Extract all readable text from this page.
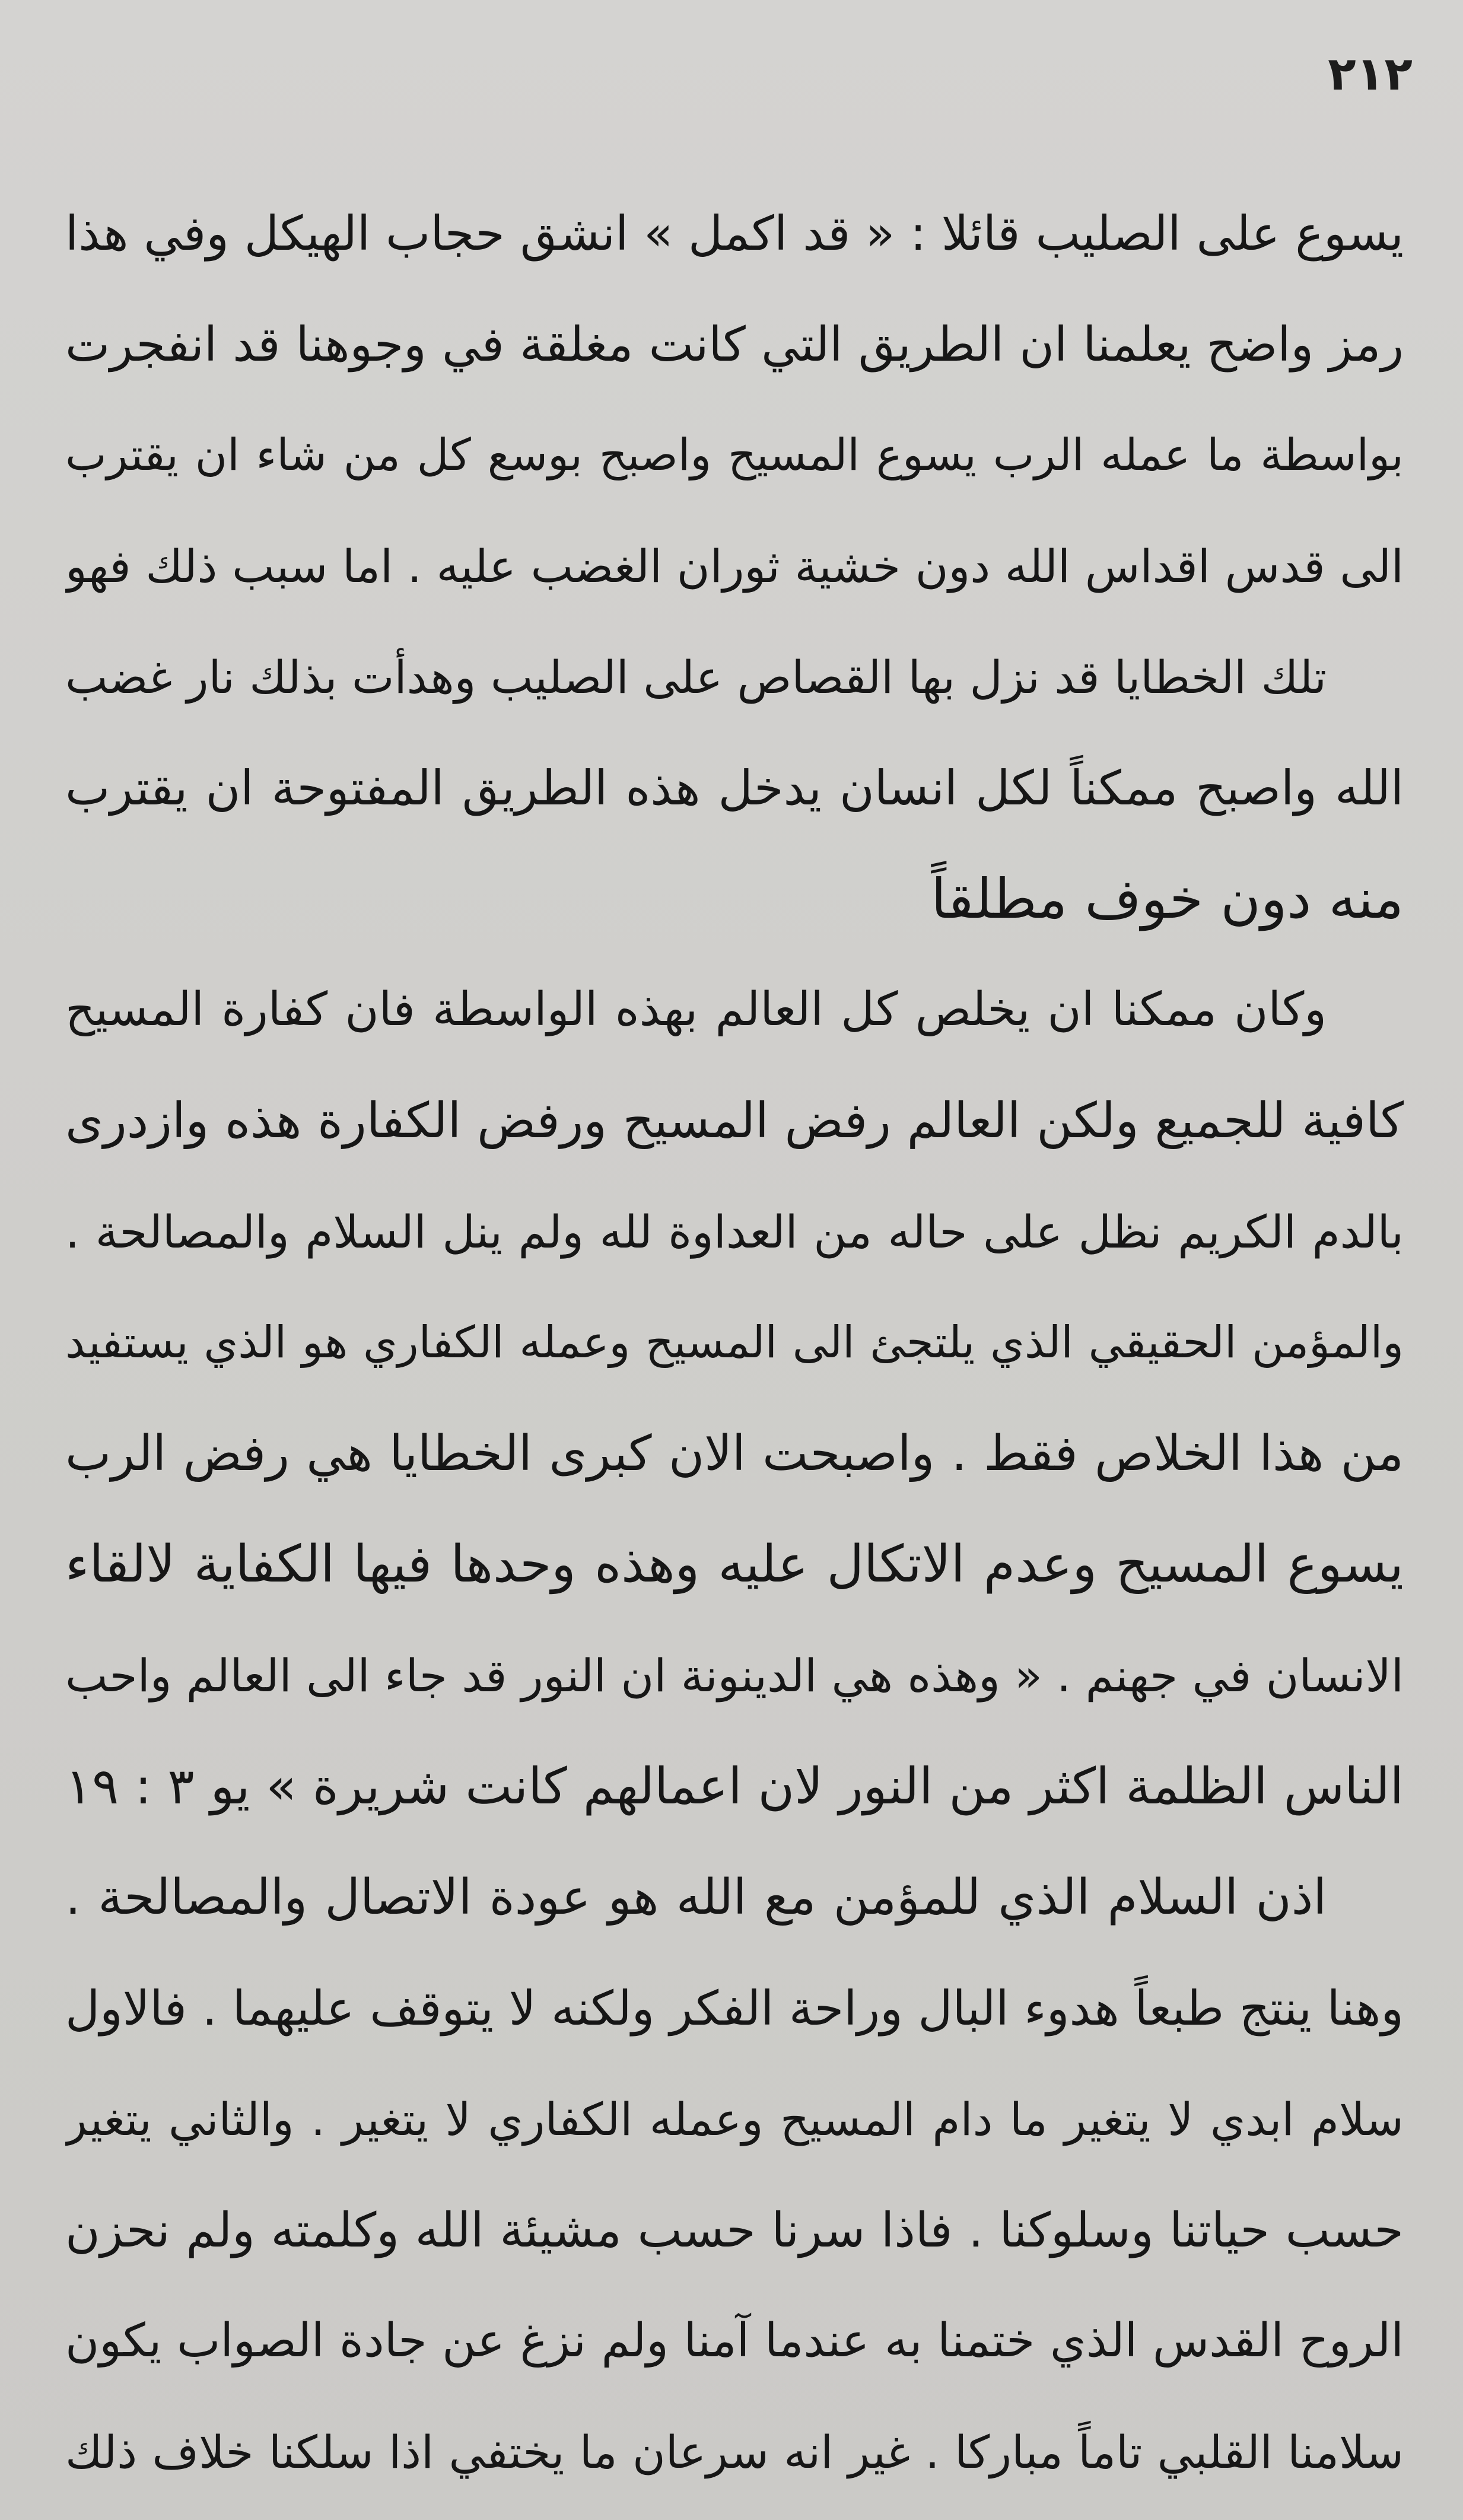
٢١٢
يسوع على الصليب قائلا : « قد اكمل » انشق حجاب الهيكل وفي هذا
رمز واضح يعلمنا ان الطريق التي كانت مغلقة في وجوهنا قد انفجرت
بواسطة ما عمله الرب يسوع المسيح واصبح بوسع كل من شاء ان يقترب
الى قدس اقداس الله دون خشية ثوران الغضب عليه . اما سبب ذلك فهو
تلك الخطايا قد نزل بها القصاص على الصليب وهدأت بذلك نار غضب
الله واصبح ممكناً لكل انسان يدخل هذه الطريق المفتوحة ان يقترب
منه دون خوف مطلقاً
وكان ممكنا ان يخلص كل العالم بهذه الواسطة فان كفارة المسيح
كافية للجميع ولكن العالم رفض المسيح ورفض الكفارة هذه وازدرى
بالدم الكريم نظل على حاله من العداوة لله ولم ينل السلام والمصالحة .
والمؤمن الحقيقي الذي يلتجئ الى المسيح وعمله الكفاري هو الذي يستفيد
من هذا الخلاص فقط . واصبحت الان كبرى الخطايا هي رفض الرب
يسوع المسيح وعدم الاتكال عليه وهذه وحدها فيها الكفاية لالقاء
الانسان في جهنم . « وهذه هي الدينونة ان النور قد جاء الى العالم واحب
الناس الظلمة اكثر من النور لان اعمالهم كانت شريرة » يو ٣ : ١٩
اذن السلام الذي للمؤمن مع الله هو عودة الاتصال والمصالحة .
وهنا ينتج طبعاً هدوء البال وراحة الفكر ولكنه لا يتوقف عليهما . فالاول
سلام ابدي لا يتغير ما دام المسيح وعمله الكفاري لا يتغير . والثاني يتغير
حسب حياتنا وسلوكنا . فاذا سرنا حسب مشيئة الله وكلمته ولم نحزن
الروح القدس الذي ختمنا به عندما آمنا ولم نزغ عن جادة الصواب يكون
سلامنا القلبي تاماً مباركا . غير انه سرعان ما يختفي اذا سلكنا خلاف ذلك
